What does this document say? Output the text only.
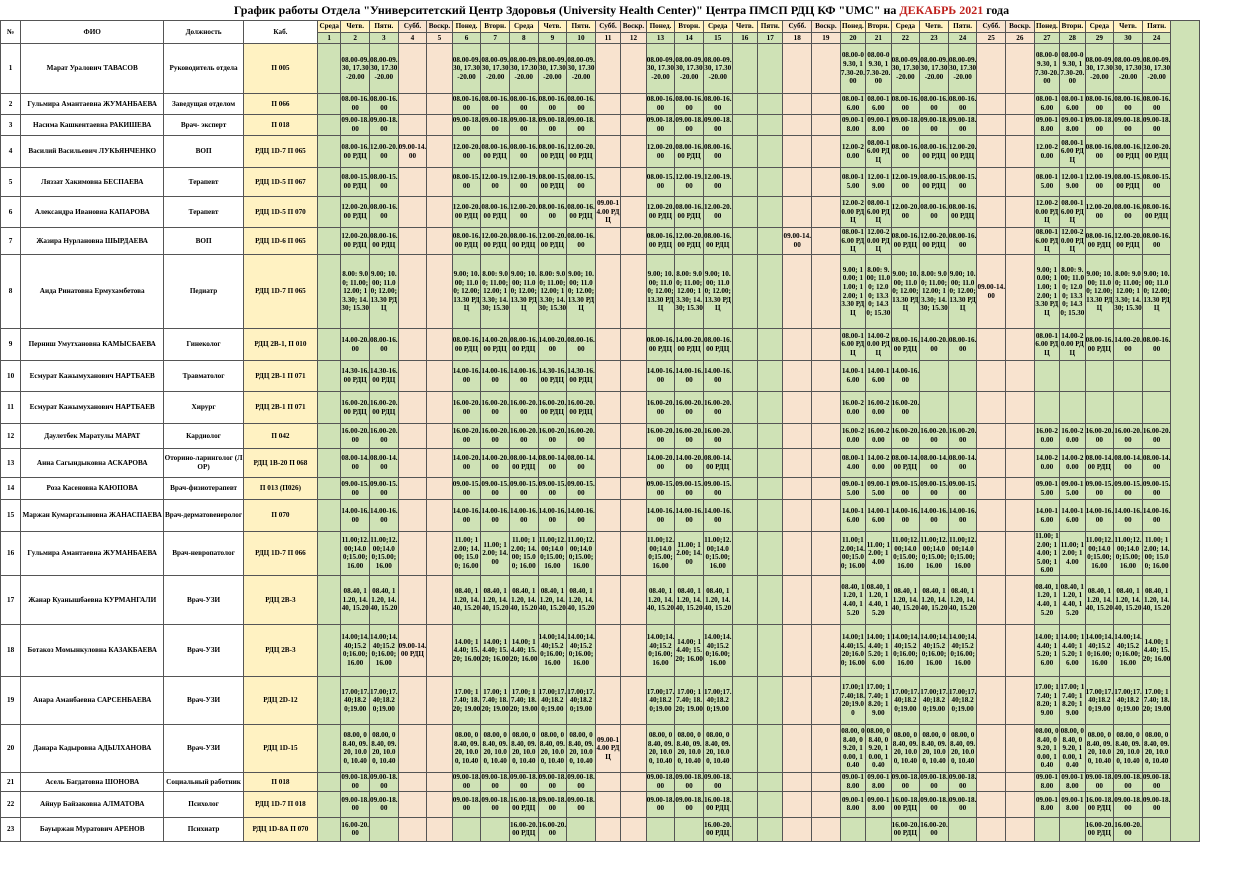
График работы Отдела "Университетский Центр Здоровья (University Health Center)" Центра ПМСП РДЦ КФ "UMC" на ДЕКАБРЬ 2021 года
№	ФИО	Должность	Каб.	Среда	Четв.	Пятн.	Субб.	Воскр.	Понед.	Вторн.	Среда	Четв.	Пятн.	Субб.	Воскр.	Понед.	Вторн.	Среда	Четв.	Пятн.	Субб.	Воскр.	Понед.	Вторн.	Среда	Четв.	Пятн.	Субб.	Воскр.	Понед.	Вторн.	Среда	Четв.	Пятн.	
				1	2	3	4	5	6	7	8	9	10	11	12	13	14	15	16	17	18	19	20	21	22	23	24	25	26	27	28	29	30	24	
1	Марат Уралович ТАВАСОВ	Руководитель отдела	П 005		08.00-09.30, 17.30-20.00	08.00-09.30, 17.30-20.00			08.00-09.30, 17.30-20.00	08.00-09.30, 17.30-20.00	08.00-09.30, 17.30-20.00	08.00-09.30, 17.30-20.00	08.00-09.30, 17.30-20.00			08.00-09.30, 17.30-20.00	08.00-09.30, 17.30-20.00	08.00-09.30, 17.30-20.00					08.00-09.30, 17.30-20.00	08.00-09.30, 17.30-20.00	08.00-09.30, 17.30-20.00	08.00-09.30, 17.30-20.00	08.00-09.30, 17.30-20.00			08.00-09.30, 17.30-20.00	08.00-09.30, 17.30-20.00	08.00-09.30, 17.30-20.00	08.00-09.30, 17.30-20.00	08.00-09.30, 17.30-20.00	
2	Гульмира Амантаевна ЖУМАНБАЕВА	Заведущая отделом	П 066		08.00-16.00	08.00-16.00			08.00-16.00	08.00-16.00	08.00-16.00	08.00-16.00	08.00-16.00			08.00-16.00	08.00-16.00	08.00-16.00					08.00-16.00	08.00-16.00	08.00-16.00	08.00-16.00	08.00-16.00			08.00-16.00	08.00-16.00	08.00-16.00	08.00-16.00	08.00-16.00	
3	Насима Кашкентаевна РАКИШЕВА	Врач- эксперт	П 018		09.00-18.00	09.00-18.00			09.00-18.00	09.00-18.00	09.00-18.00	09.00-18.00	09.00-18.00			09.00-18.00	09.00-18.00	09.00-18.00					09.00-18.00	09.00-18.00	09.00-18.00	09.00-18.00	09.00-18.00			09.00-18.00	09.00-18.00	09.00-18.00	09.00-18.00	09.00-18.00	
4	Василий Васильевич ЛУКЬЯНЧЕНКО	ВОП	РДЦ 1D-7 П 065		08.00-16.00 РДЦ	12.00-20.00	09.00-14.00		12.00-20.00	08.00-16.00 РДЦ	08.00-16.00	08.00-16.00 РДЦ	12.00-20.00 РДЦ			12.00-20.00	08.00-16.00 РДЦ	08.00-16.00					12.00-20.00	08.00-16.00 РДЦ	08.00-16.00	08.00-16.00 РДЦ	12.00-20.00 РДЦ			12.00-20.00	08.00-16.00 РДЦ	08.00-16.00	08.00-16.00 РДЦ	12.00-20.00 РДЦ	
5	Ляззат Хакимовна БЕСПАЕВА	Терапевт	РДЦ 1D-5 П 067		08.00-15.00 РДЦ	08.00-15.00			08.00-15.00	12.00-19.00	12.00-19.00	08.00-15.00 РДЦ	08.00-15.00			08.00-15.00	12.00-19.00	12.00-19.00					08.00-15.00	12.00-19.00	12.00-19.00	08.00-15.00 РДЦ	08.00-15.00			08.00-15.00	12.00-19.00	12.00-19.00	08.00-15.00 РДЦ	08.00-15.00	
6	Александра Ивановна КАПАРОВА	Терапевт	РДЦ 1D-5 П 070		12.00-20.00 РДЦ	08.00-16.00			12.00-20.00 РДЦ	08.00-16.00 РДЦ	12.00-20.00	08.00-16.00	08.00-16.00 РДЦ	09.00-14.00 РДЦ		12.00-20.00 РДЦ	08.00-16.00 РДЦ	12.00-20.00					12.00-20.00 РДЦ	08.00-16.00 РДЦ	12.00-20.00	08.00-16.00	08.00-16.00 РДЦ			12.00-20.00 РДЦ	08.00-16.00 РДЦ	12.00-20.00	08.00-16.00	08.00-16.00 РДЦ	
7	Жазира Нурлановна ШЫРДАЕВА	ВОП	РДЦ 1D-6 П 065		12.00-20.00 РДЦ	08.00-16.00 РДЦ			08.00-16.00 РДЦ	12.00-20.00 РДЦ	08.00-16.00 РДЦ	12.00-20.00 РДЦ	08.00-16.00			08.00-16.00 РДЦ	12.00-20.00 РДЦ	08.00-16.00 РДЦ			09.00-14.00		08.00-16.00 РДЦ	12.00-20.00 РДЦ	08.00-16.00 РДЦ	12.00-20.00 РДЦ	08.00-16.00			08.00-16.00 РДЦ	12.00-20.00 РДЦ	08.00-16.00 РДЦ	12.00-20.00 РДЦ	08.00-16.00	
8	Аида Ринатовна Ермухамбетова	Педиатр	РДЦ 1D-7 П 065		8.00: 9.00; 11.00; 12.00; 13.30; 14.30; 15.30	9.00; 10.00; 11.00; 12.00; 13.30 РДЦ			9.00; 10.00; 11.00; 12.00; 13.30 РДЦ	8.00: 9.00; 11.00; 12.00; 13.30; 14.30; 15.30	9.00; 10.00; 11.00; 12.00; 13.30 РДЦ	8.00: 9.00; 11.00; 12.00; 13.30; 14.30; 15.30	9.00; 10.00; 11.00; 12.00; 13.30 РДЦ			9.00; 10.00; 11.00; 12.00; 13.30 РДЦ	8.00: 9.00; 11.00; 12.00; 13.30; 14.30; 15.30	9.00; 10.00; 11.00; 12.00; 13.30 РДЦ					9.00; 10.00; 11.00; 12.00; 13.30 РДЦ	8.00: 9.00; 11.00; 12.00; 13.30; 14.30; 15.30	9.00; 10.00; 11.00; 12.00; 13.30 РДЦ	8.00: 9.00; 11.00; 12.00; 13.30; 14.30; 15.30	9.00; 10.00; 11.00; 12.00; 13.30 РДЦ	09.00-14.00		9.00; 10.00; 11.00; 12.00; 13.30 РДЦ	8.00: 9.00; 11.00; 12.00; 13.30; 14.30; 15.30	9.00; 10.00; 11.00; 12.00; 13.30 РДЦ	8.00: 9.00; 11.00; 12.00; 13.30; 14.30; 15.30	9.00; 10.00; 11.00; 12.00; 13.30 РДЦ	
9	Перниш Умутхановна КАМЫСБАЕВА	Гинеколог	РДЦ 2В-1, П 010		14.00-20.00	08.00-16.00			08.00-16.00 РДЦ	14.00-20.00 РДЦ	08.00-16.00 РДЦ	14.00-20.00	08.00-16.00			08.00-16.00 РДЦ	14.00-20.00 РДЦ	08.00-16.00 РДЦ					08.00-16.00 РДЦ	14.00-20.00 РДЦ	08.00-16.00 РДЦ	14.00-20.00	08.00-16.00			08.00-16.00 РДЦ	14.00-20.00 РДЦ	08.00-16.00 РДЦ	14.00-20.00	08.00-16.00	
10	Есмурат Кажымуханович НАРТБАЕВ	Травматолог	РДЦ 2В-1 П 071		14.30-16.00 РДЦ	14.30-16.00 РДЦ			14.00-16.00	14.00-16.00	14.00-16.00	14.30-16.00 РДЦ	14.30-16.00 РДЦ			14.00-16.00	14.00-16.00	14.00-16.00					14.00-16.00	14.00-16.00	14.00-16.00										
11	Есмурат Кажымуханович НАРТБАЕВ	Хирург	РДЦ 2В-1 П 071		16.00-20.00 РДЦ	16.00-20.00 РДЦ			16.00-20.00	16.00-20.00	16.00-20.00	16.00-20.00 РДЦ	16.00-20.00 РДЦ			16.00-20.00	16.00-20.00	16.00-20.00					16.00-20.00	16.00-20.00	16.00-20.00										
12	Даулетбек Маратулы МАРАТ	Кардиолог	П 042		16.00-20.00	16.00-20.00			16.00-20.00	16.00-20.00	16.00-20.00	16.00-20.00	16.00-20.00			16.00-20.00	16.00-20.00	16.00-20.00					16.00-20.00	16.00-20.00	16.00-20.00	16.00-20.00	16.00-20.00			16.00-20.00	16.00-20.00	16.00-20.00	16.00-20.00	16.00-20.00	
13	Анна Сагындыковна АСКАРОВА	Оторино-ларинголог (ЛОР)	РДЦ 1В-20 П 068		08.00-14.00	08.00-14.00			14.00-20.00	14.00-20.00	08.00-14.00 РДЦ	08.00-14.00	08.00-14.00			14.00-20.00	14.00-20.00	08.00-14.00 РДЦ					08.00-14.00	14.00-20.00	08.00-14.00 РДЦ	08.00-14.00	08.00-14.00			14.00-20.00	14.00-20.00	08.00-14.00 РДЦ	08.00-14.00	08.00-14.00	
14	Роза Касеновна КАЮПОВА	Врач-физиотерапевт	П 013 (П026)		09.00-15.00	09.00-15.00			09.00-15.00	09.00-15.00	09.00-15.00	09.00-15.00	09.00-15.00			09.00-15.00	09.00-15.00	09.00-15.00					09.00-15.00	09.00-15.00	09.00-15.00	09.00-15.00	09.00-15.00			09.00-15.00	09.00-15.00	09.00-15.00	09.00-15.00	09.00-15.00	
15	Маржан Кумаргазыновна ЖАНАСПАЕВА	Врач-дерматовенеролог	П 070		14.00-16.00	14.00-16.00			14.00-16.00	14.00-16.00	14.00-16.00	14.00-16.00	14.00-16.00			14.00-16.00	14.00-16.00	14.00-16.00					14.00-16.00	14.00-16.00	14.00-16.00	14.00-16.00	14.00-16.00			14.00-16.00	14.00-16.00	14.00-16.00	14.00-16.00	14.00-16.00	
16	Гульмира Амантаевна ЖУМАНБАЕВА	Врач-невропатолог	РДЦ 1D-7 П 066		11.00;12.00;14.00;15.00; 16.00	11.00;12.00;14.00;15.00; 16.00			11.00; 12.00; 14.00; 15.00; 16.00	11.00; 12.00; 14.00	11.00; 12.00; 14.00; 15.00; 16.00	11.00;12.00;14.00;15.00; 16.00	11.00;12.00;14.00;15.00; 16.00			11.00;12.00;14.00;15.00; 16.00	11.00; 12.00; 14.00	11.00;12.00;14.00;15.00; 16.00					11.00;12.00;14.00;15.00; 16.00	11.00; 12.00; 14.00	11.00;12.00;14.00;15.00; 16.00	11.00;12.00;14.00;15.00; 16.00	11.00;12.00;14.00;15.00; 16.00			11.00; 12.00; 14.00; 15.00; 16.00	11.00; 12.00; 14.00	11.00;12.00;14.00;15.00; 16.00	11.00;12.00;14.00;15.00; 16.00	11.00; 12.00; 14.00; 15.00; 16.00	
17	Жанар Куанышбаевна КУРМАНГАЛИ	Врач-УЗИ	РДЦ 2В-3		08.40, 11.20, 14.40, 15.20	08.40, 11.20, 14.40, 15.20			08.40, 11.20, 14.40, 15.20	08.40, 11.20, 14.40, 15.20	08.40, 11.20, 14.40, 15.20	08.40, 11.20, 14.40, 15.20	08.40, 11.20, 14.40, 15.20			08.40, 11.20, 14.40, 15.20	08.40, 11.20, 14.40, 15.20	08.40, 11.20, 14.40, 15.20					08.40, 11.20, 14.40, 15.20	08.40, 11.20, 14.40, 15.20	08.40, 11.20, 14.40, 15.20	08.40, 11.20, 14.40, 15.20	08.40, 11.20, 14.40, 15.20			08.40, 11.20, 14.40, 15.20	08.40, 11.20, 14.40, 15.20	08.40, 11.20, 14.40, 15.20	08.40, 11.20, 14.40, 15.20	08.40, 11.20, 14.40, 15.20	
18	Ботакоз Момынкуловна КАЗАКБАЕВА	Врач-УЗИ	РДЦ 2В-3		14.00;14.40;15.20;16.00; 16.00	14.00;14.40;15.20;16.00; 16.00	09.00-14.00 РДЦ		14.00; 14.40; 15.20; 16.00	14.00; 14.40; 15.20; 16.00	14.00; 14.40; 15.20; 16.00	14.00;14.40;15.20;16.00; 16.00	14.00;14.40;15.20;16.00; 16.00			14.00;14.40;15.20;16.00; 16.00	14.00; 14.40; 15.20; 16.00	14.00;14.40;15.20;16.00; 16.00					14.00;14.40;15.20;16.00; 16.00	14.00; 14.40; 15.20; 16.00	14.00;14.40;15.20;16.00; 16.00	14.00;14.40;15.20;16.00; 16.00	14.00;14.40;15.20;16.00; 16.00			14.00; 14.40; 15.20; 16.00	14.00; 14.40; 15.20; 16.00	14.00;14.40;15.20;16.00; 16.00	14.00;14.40;15.20;16.00; 16.00	14.00; 14.40; 15.20; 16.00	
19	Анара Аманбаевна САРСЕНБАЕВА	Врач-УЗИ	РДЦ 2D-12		17.00;17.40;18.20;19.00	17.00;17.40;18.20;19.00			17.00; 17.40; 18.20; 19.00	17.00; 17.40; 18.20; 19.00	17.00; 17.40; 18.20; 19.00	17.00;17.40;18.20;19.00	17.00;17.40;18.20;19.00			17.00;17.40;18.20;19.00	17.00; 17.40; 18.20; 19.00	17.00;17.40;18.20;19.00					17.00;17.40;18.20;19.00	17.00; 17.40; 18.20; 19.00	17.00;17.40;18.20;19.00	17.00;17.40;18.20;19.00	17.00;17.40;18.20;19.00			17.00; 17.40; 18.20; 19.00	17.00; 17.40; 18.20; 19.00	17.00;17.40;18.20;19.00	17.00;17.40;18.20;19.00	17.00; 17.40; 18.20; 19.00	
20	Данара Кадыровна АДЫЛХАНОВА	Врач-УЗИ	РДЦ 1D-15		08.00, 08.40, 09.20, 10.00, 10.40	08.00, 08.40, 09.20, 10.00, 10.40			08.00, 08.40, 09.20, 10.00, 10.40	08.00, 08.40, 09.20, 10.00, 10.40	08.00, 08.40, 09.20, 10.00, 10.40	08.00, 08.40, 09.20, 10.00, 10.40	08.00, 08.40, 09.20, 10.00, 10.40	09.00-14.00 РДЦ		08.00, 08.40, 09.20, 10.00, 10.40	08.00, 08.40, 09.20, 10.00, 10.40	08.00, 08.40, 09.20, 10.00, 10.40					08.00, 08.40, 09.20, 10.00, 10.40	08.00, 08.40, 09.20, 10.00, 10.40	08.00, 08.40, 09.20, 10.00, 10.40	08.00, 08.40, 09.20, 10.00, 10.40	08.00, 08.40, 09.20, 10.00, 10.40			08.00, 08.40, 09.20, 10.00, 10.40	08.00, 08.40, 09.20, 10.00, 10.40	08.00, 08.40, 09.20, 10.00, 10.40	08.00, 08.40, 09.20, 10.00, 10.40	08.00, 08.40, 09.20, 10.00, 10.40	
21	Асель Багдатовна ШОНОВА	Социальный работник	П 018		09.00-18.00	09.00-18.00			09.00-18.00	09.00-18.00	09.00-18.00	09.00-18.00	09.00-18.00			09.00-18.00	09.00-18.00	09.00-18.00					09.00-18.00	09.00-18.00	09.00-18.00	09.00-18.00	09.00-18.00			09.00-18.00	09.00-18.00	09.00-18.00	09.00-18.00	09.00-18.00	
22	Айнур Байзаковна АЛМАТОВА	Психолог	РДЦ 1D-7 П 018		09.00-18.00	09.00-18.00			09.00-18.00	09.00-18.00	16.00-18.00 РДЦ	09.00-18.00	09.00-18.00			09.00-18.00	09.00-18.00	16.00-18.00 РДЦ					09.00-18.00	09.00-18.00	16.00-18.00 РДЦ	09.00-18.00	09.00-18.00			09.00-18.00	09.00-18.00	16.00-18.00 РДЦ	09.00-18.00	09.00-18.00	
23	Бауыржан Муратович АРЕНОВ	Психиатр	РДЦ 1D-8А П 070		16.00-20.00						16.00-20.00 РДЦ	16.00-20.00						16.00-20.00 РДЦ							16.00-20.00 РДЦ	16.00-20.00						16.00-20.00 РДЦ	16.00-20.00		
